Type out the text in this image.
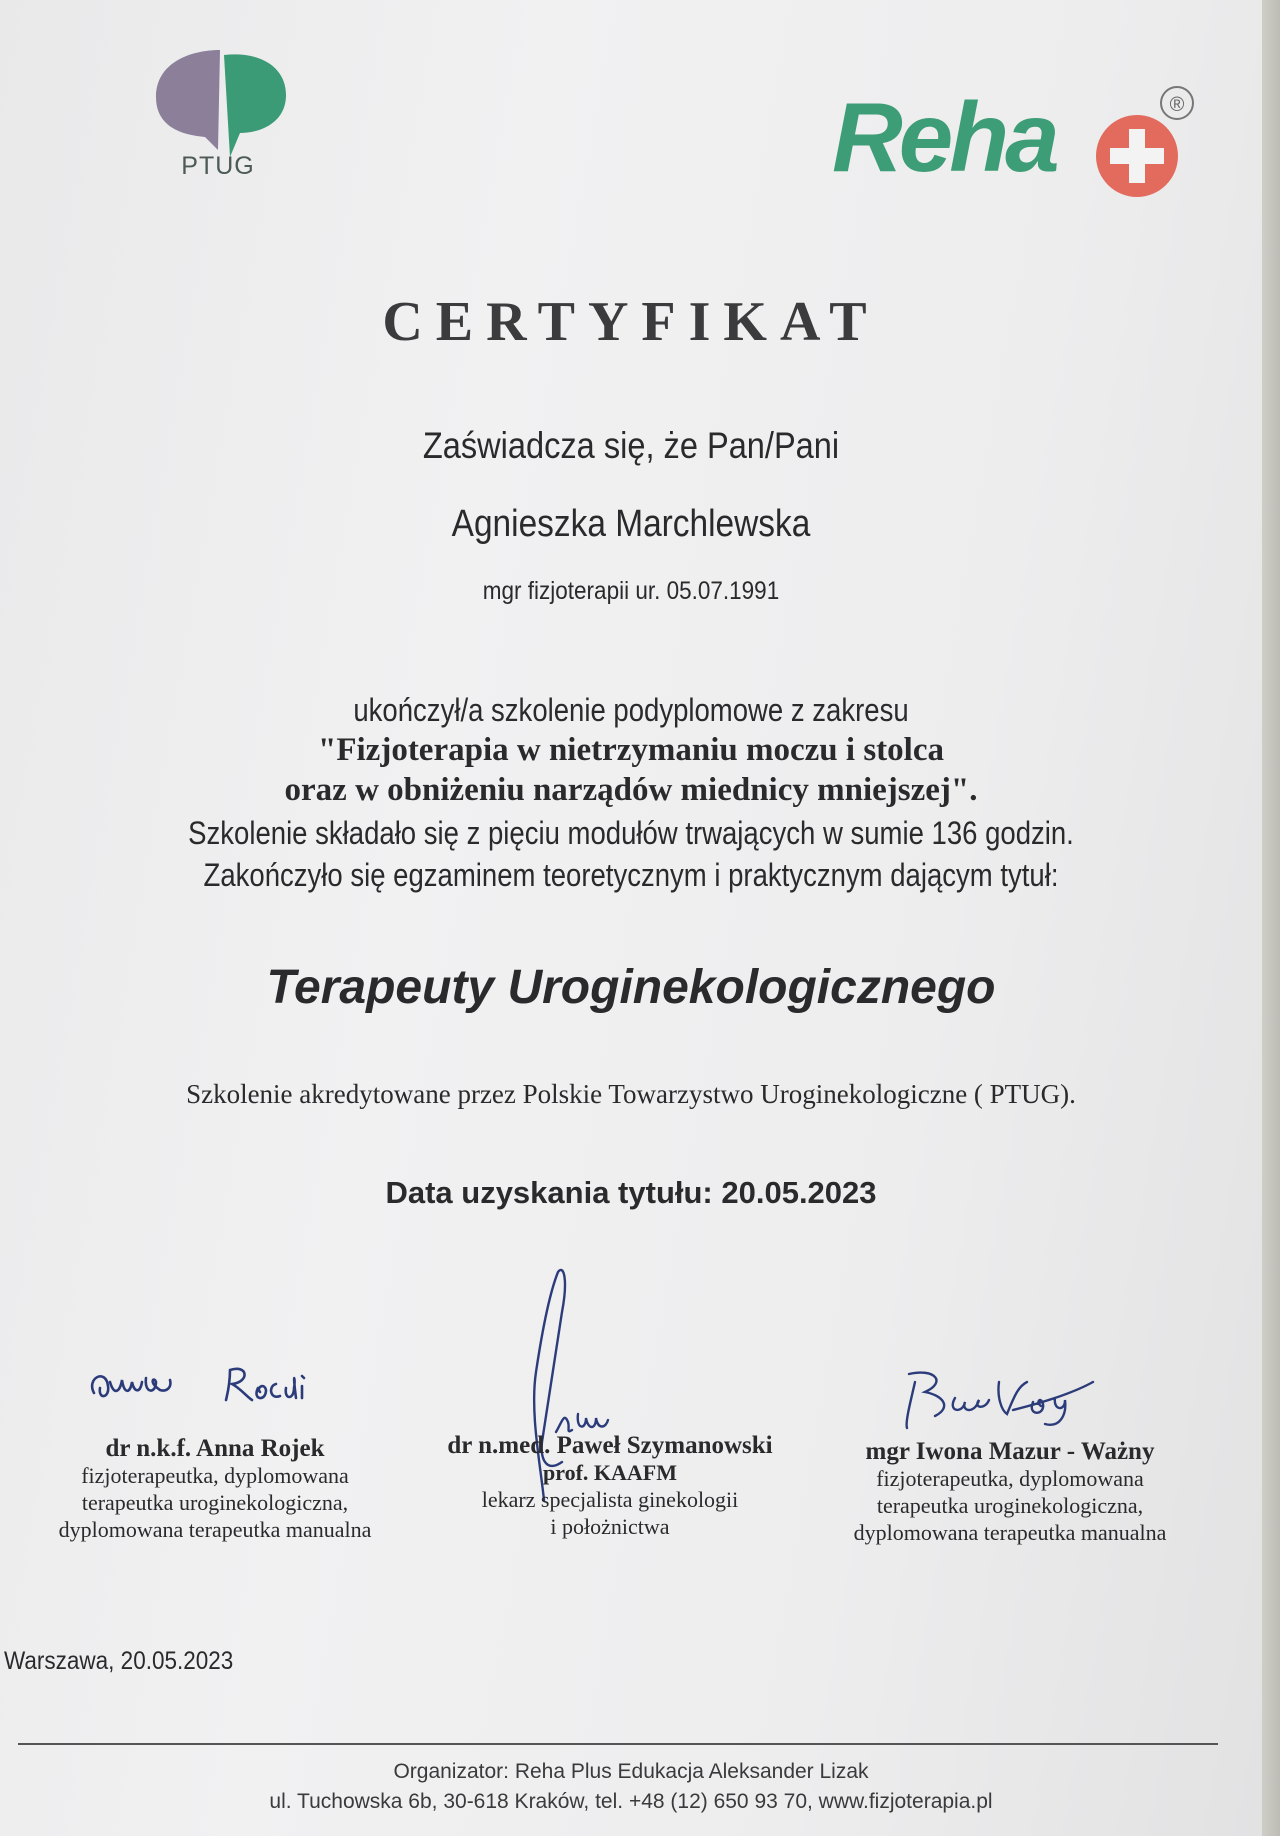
PTUG	Reha	®
CERTYFIKAT
Zaświadcza się, że Pan/Pani
Agnieszka Marchlewska
mgr fizjoterapii ur. 05.07.1991
ukończył/a szkolenie podyplomowe z zakresu
"Fizjoterapia w nietrzymaniu moczu i stolca
oraz w obniżeniu narządów miednicy mniejszej".
Szkolenie składało się z pięciu modułów trwających w sumie 136 godzin.
Zakończyło się egzaminem teoretycznym i praktycznym dającym tytuł:
Terapeuty Uroginekologicznego
Szkolenie akredytowane przez Polskie Towarzystwo Uroginekologiczne ( PTUG).
Data uzyskania tytułu: 20.05.2023
dr n.k.f. Anna Rojek
fizjoterapeutka, dyplomowana
terapeutka uroginekologiczna,
dyplomowana terapeutka manualna
dr n.med. Paweł Szymanowski
prof. KAAFM
lekarz specjalista ginekologii
i położnictwa
mgr Iwona Mazur - Ważny
fizjoterapeutka, dyplomowana
terapeutka uroginekologiczna,
dyplomowana terapeutka manualna
Warszawa, 20.05.2023
Organizator: Reha Plus Edukacja Aleksander Lizak
ul. Tuchowska 6b, 30-618 Kraków, tel. +48 (12) 650 93 70, www.fizjoterapia.pl
